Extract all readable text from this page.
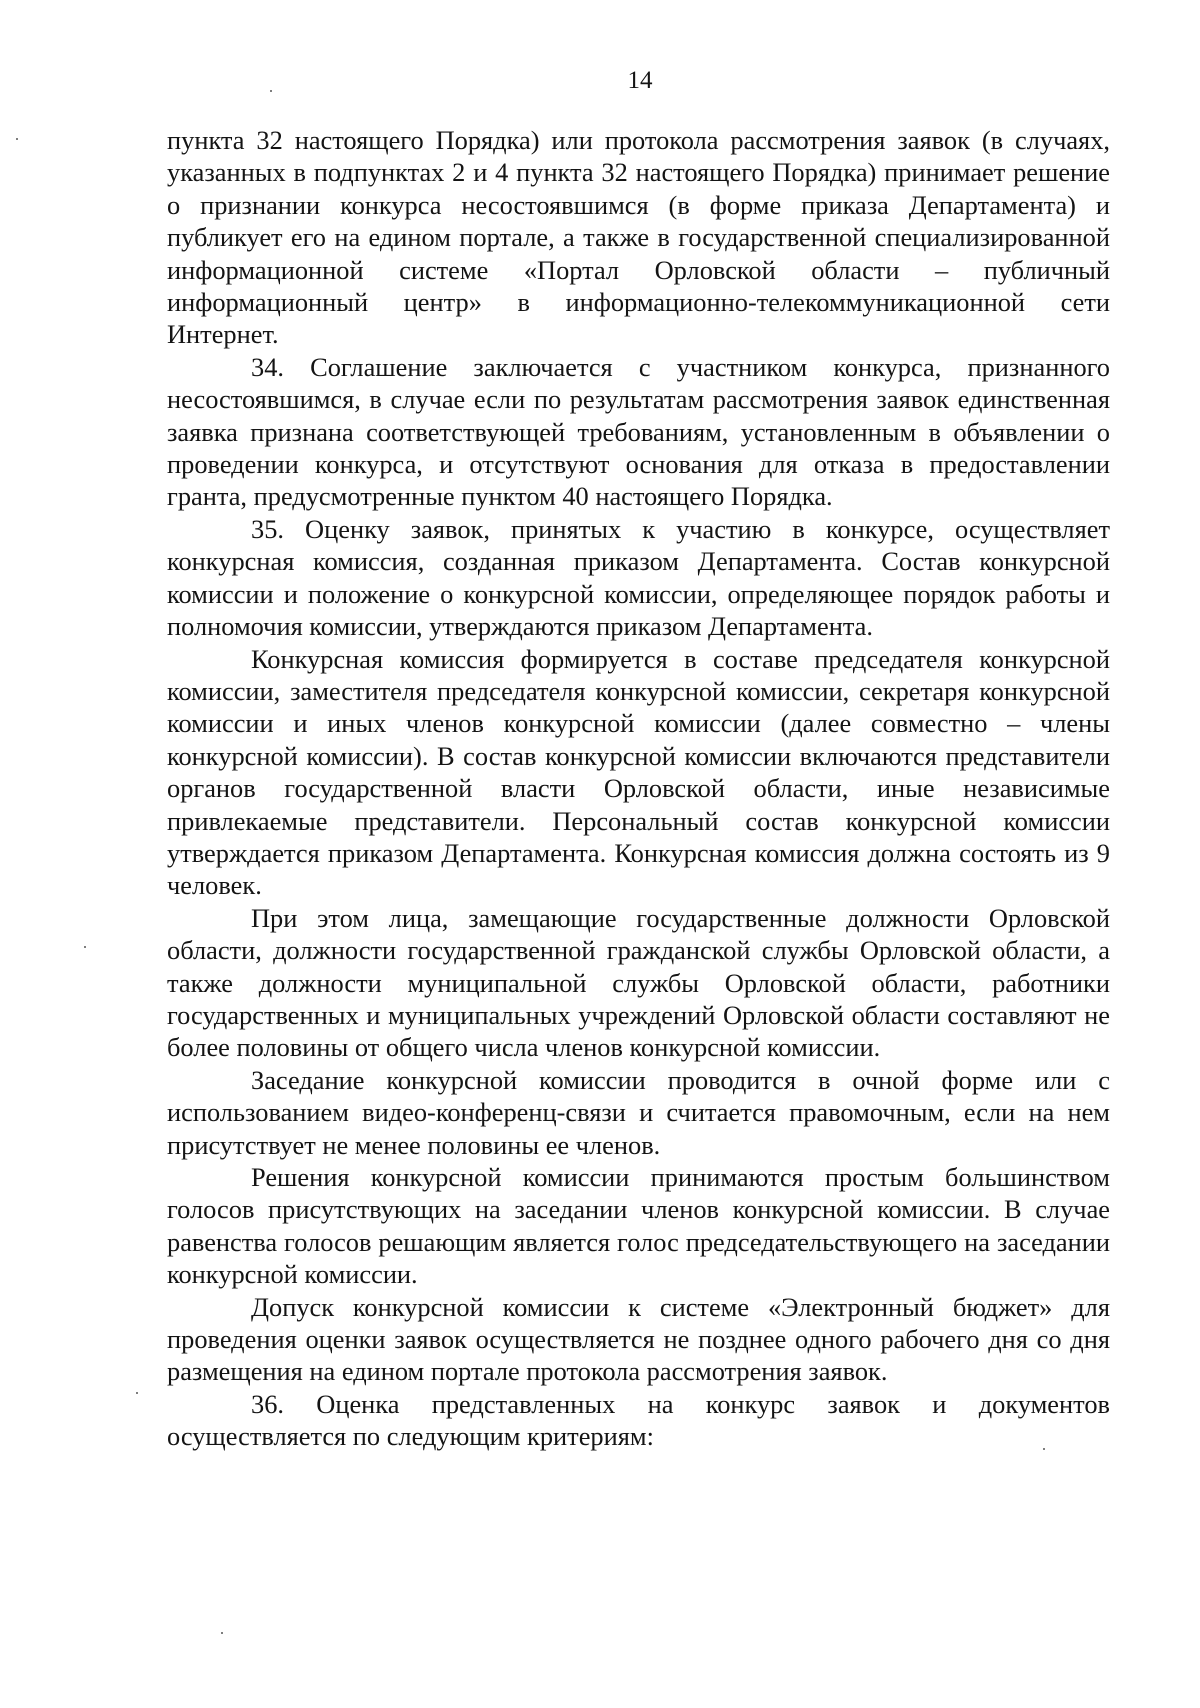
14

пункта 32 настоящего Порядка) или протокола рассмотрения заявок (в случаях, указанных в подпунктах 2 и 4 пункта 32 настоящего Порядка) принимает решение о признании конкурса несостоявшимся (в форме приказа Департамента) и публикует его на едином портале, а также в государственной специализированной информационной системе «Портал Орловской области – публичный информационный центр» в информационно-телекоммуникационной сети Интернет.

34. Соглашение заключается с участником конкурса, признанного несостоявшимся, в случае если по результатам рассмотрения заявок единственная заявка признана соответствующей требованиям, установленным в объявлении о проведении конкурса, и отсутствуют основания для отказа в предоставлении гранта, предусмотренные пунктом 40 настоящего Порядка.

35. Оценку заявок, принятых к участию в конкурсе, осуществляет конкурсная комиссия, созданная приказом Департамента. Состав конкурсной комиссии и положение о конкурсной комиссии, определяющее порядок работы и полномочия комиссии, утверждаются приказом Департамента.

Конкурсная комиссия формируется в составе председателя конкурсной комиссии, заместителя председателя конкурсной комиссии, секретаря конкурсной комиссии и иных членов конкурсной комиссии (далее совместно – члены конкурсной комиссии). В состав конкурсной комиссии включаются представители органов государственной власти Орловской области, иные независимые привлекаемые представители. Персональный состав конкурсной комиссии утверждается приказом Департамента. Конкурсная комиссия должна состоять из 9 человек.

При этом лица, замещающие государственные должности Орловской области, должности государственной гражданской службы Орловской области, а также должности муниципальной службы Орловской области, работники государственных и муниципальных учреждений Орловской области составляют не более половины от общего числа членов конкурсной комиссии.

Заседание конкурсной комиссии проводится в очной форме или с использованием видео-конференц-связи и считается правомочным, если на нем присутствует не менее половины ее членов.

Решения конкурсной комиссии принимаются простым большинством голосов присутствующих на заседании членов конкурсной комиссии. В случае равенства голосов решающим является голос председательствующего на заседании конкурсной комиссии.

Допуск конкурсной комиссии к системе «Электронный бюджет» для проведения оценки заявок осуществляется не позднее одного рабочего дня со дня размещения на едином портале протокола рассмотрения заявок.

36. Оценка представленных на конкурс заявок и документов осуществляется по следующим критериям:
